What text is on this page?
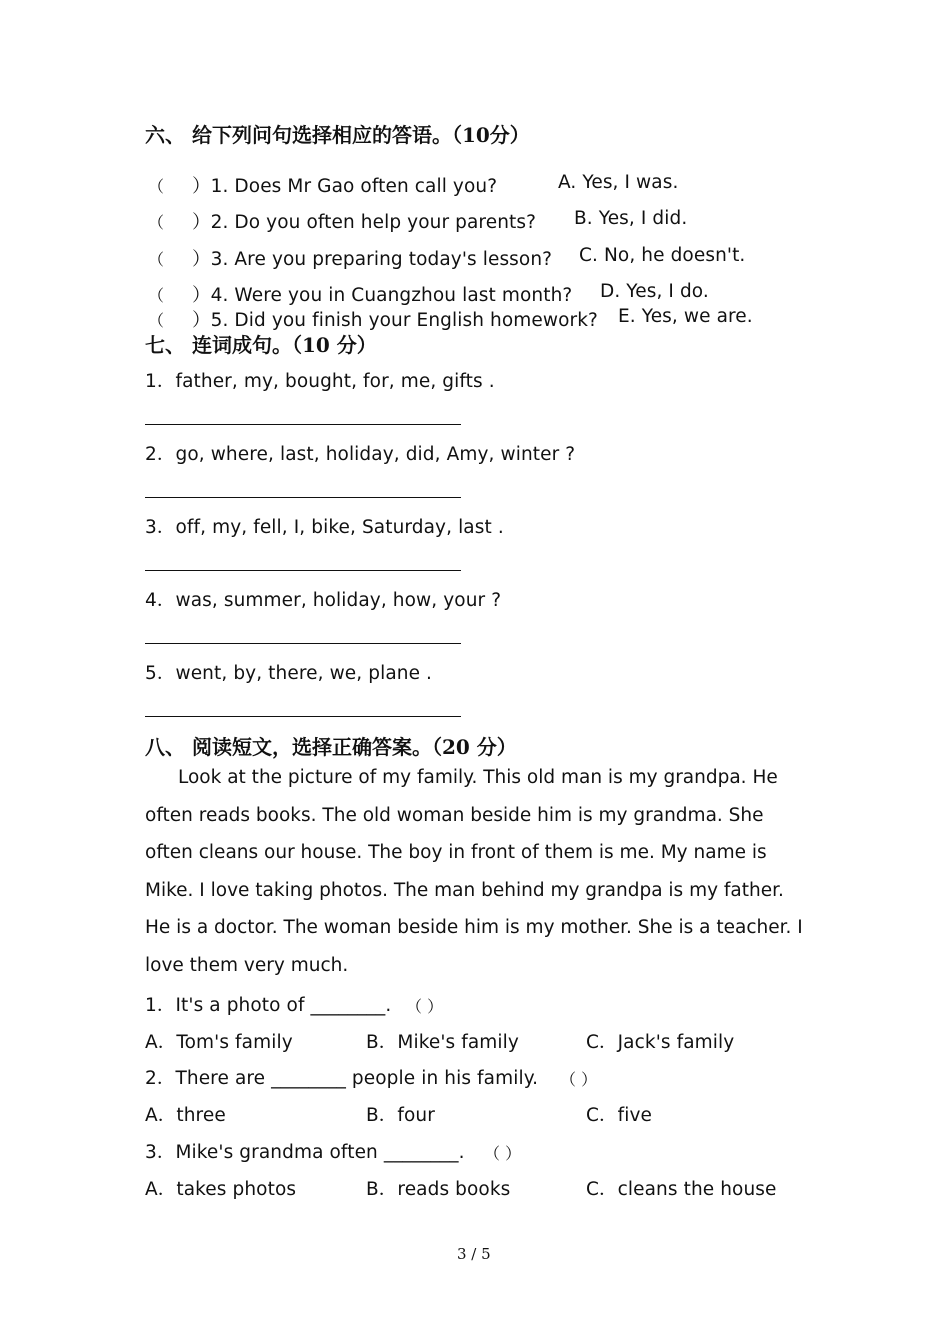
六、 给下列问句选择相应的答语。（10分）
（ ）1. Does Mr Gao often call you?	A. Yes, I was.
（ ）2. Do you often help your parents? B. Yes, I did.
（ ）3. Are you preparing today's lesson? C. No, he doesn't.
（ ）4. Were you in Cuangzhou last month? D. Yes, I do.
（ ）5. Did you finish your English homework? E. Yes, we are.
七、 连词成句。（10 分）
1．father, my, bought, for, me, gifts .
2．go, where, last, holiday, did, Amy, winter ?
3．off, my, fell, I, bike, Saturday, last .
4．was, summer, holiday, how, your ?
5．went, by, there, we, plane .
八、 阅读短文，选择正确答案。（20 分）
Look at the picture of my family. This old man is my grandpa. He often reads books. The old woman beside him is my grandma. She often cleans our house. The boy in front of them is me. My name is Mike. I love taking photos. The man behind my grandpa is my father. He is a doctor. The woman beside him is my mother. She is a teacher. I love them very much.
1．It's a photo of ________. （ ）
A．Tom's family	B．Mike's family	C．Jack's family
2．There are ________ people in his family. （ ）
A．three	B．four	C．five
3．Mike's grandma often ________. （ ）
A．takes photos	B．reads books	C．cleans the house
3 / 5
